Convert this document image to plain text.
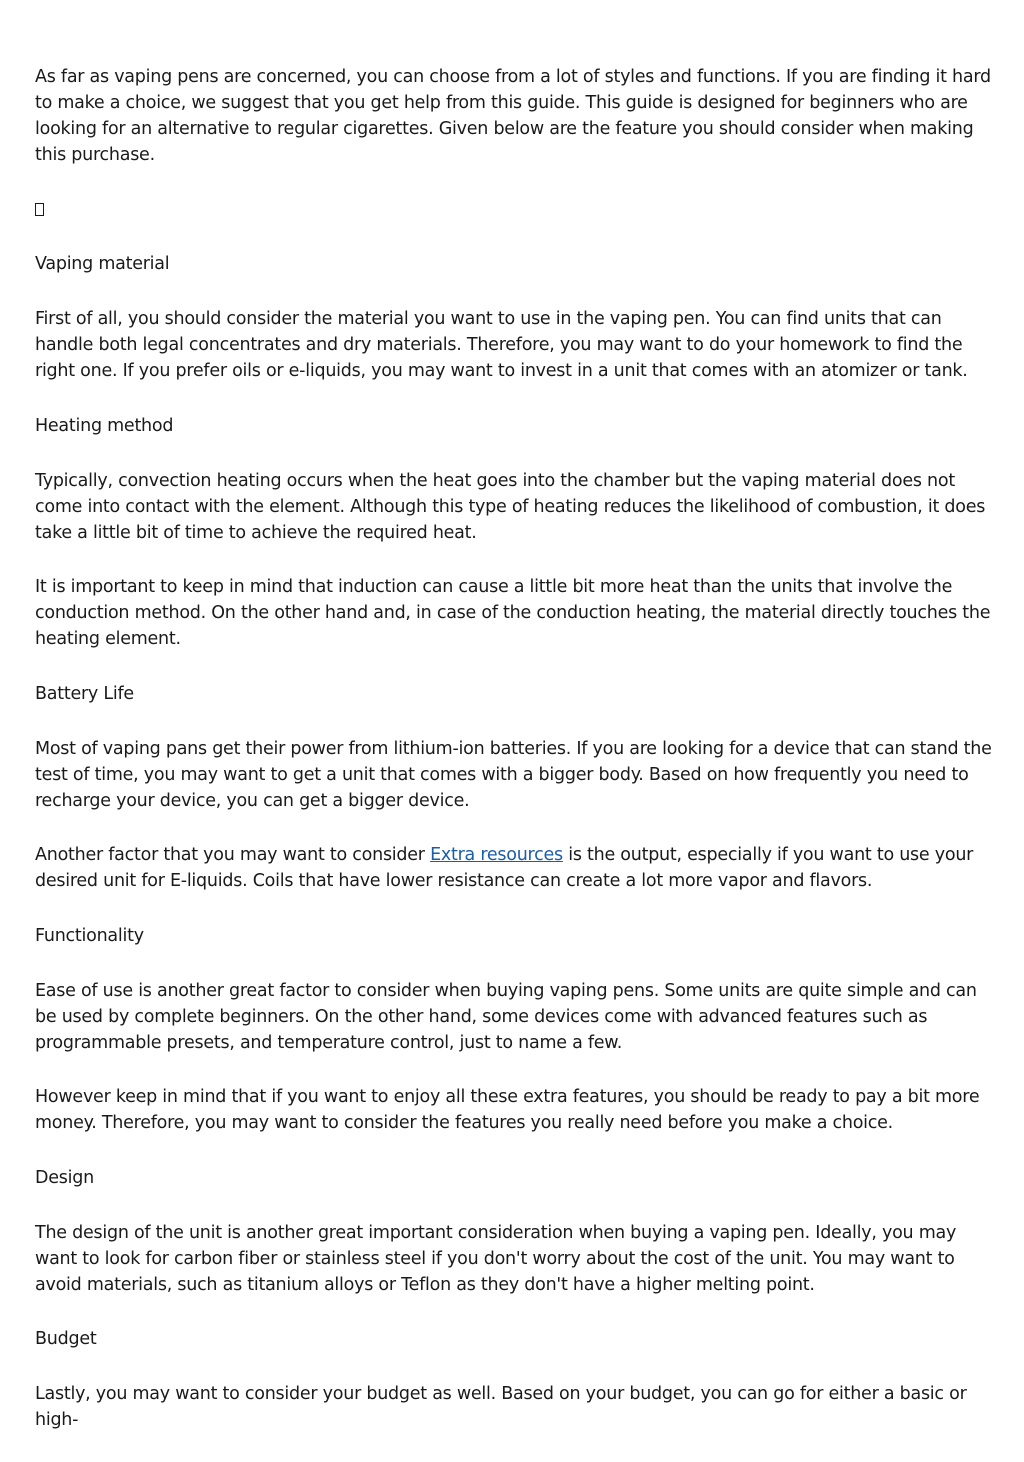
As far as vaping pens are concerned, you can choose from a lot of styles and functions. If you are finding it hard to make a choice, we suggest that you get help from this guide. This guide is designed for beginners who are looking for an alternative to regular cigarettes. Given below are the feature you should consider when making this purchase.

Vaping material

First of all, you should consider the material you want to use in the vaping pen. You can find units that can handle both legal concentrates and dry materials. Therefore, you may want to do your homework to find the right one. If you prefer oils or e-liquids, you may want to invest in a unit that comes with an atomizer or tank.

Heating method

Typically, convection heating occurs when the heat goes into the chamber but the vaping material does not come into contact with the element. Although this type of heating reduces the likelihood of combustion, it does take a little bit of time to achieve the required heat.

It is important to keep in mind that induction can cause a little bit more heat than the units that involve the conduction method. On the other hand and, in case of the conduction heating, the material directly touches the heating element.

Battery Life

Most of vaping pans get their power from lithium-ion batteries. If you are looking for a device that can stand the test of time, you may want to get a unit that comes with a bigger body. Based on how frequently you need to recharge your device, you can get a bigger device.

Another factor that you may want to consider Extra resources is the output, especially if you want to use your desired unit for E-liquids. Coils that have lower resistance can create a lot more vapor and flavors.

Functionality

Ease of use is another great factor to consider when buying vaping pens. Some units are quite simple and can be used by complete beginners. On the other hand, some devices come with advanced features such as programmable presets, and temperature control, just to name a few.

However keep in mind that if you want to enjoy all these extra features, you should be ready to pay a bit more money. Therefore, you may want to consider the features you really need before you make a choice.

Design

The design of the unit is another great important consideration when buying a vaping pen. Ideally, you may want to look for carbon fiber or stainless steel if you don't worry about the cost of the unit. You may want to avoid materials, such as titanium alloys or Teflon as they don't have a higher melting point.

Budget

Lastly, you may want to consider your budget as well. Based on your budget, you can go for either a basic or high-
